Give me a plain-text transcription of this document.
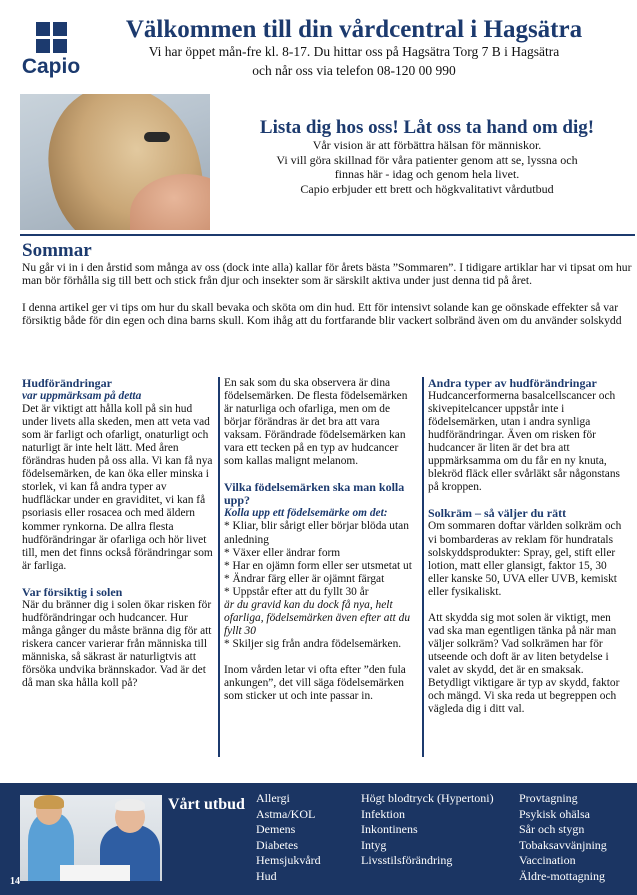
Capio
Välkommen till din vårdcentral i Hagsätra
Vi har öppet mån-fre kl. 8-17. Du hittar oss på Hagsätra Torg 7 B i Hagsätra
och når oss via telefon 08-120 00 990
Lista dig hos oss! Låt oss ta hand om dig!
Vår vision är att förbättra hälsan för människor.
Vi vill göra skillnad för våra patienter genom att se, lyssna och
finnas här - idag och genom hela livet.
Capio erbjuder ett brett och högkvalitativt vårdutbud
Sommar

Nu går vi in i den årstid som många av oss (dock inte alla) kallar för årets bästa ”Sommaren”. I tidigare artiklar har vi tipsat om hur man bör förhålla sig till bett och stick från djur och insekter som är särskilt aktiva under just denna tid på året.

I denna artikel ger vi tips om hur du skall bevaka och sköta om din hud. Ett för intensivt solande kan ge oönskade effekter så var försiktig både för din egen och dina barns skull. Kom ihåg att du fortfarande blir vackert solbränd även om du använder solskydd

Hudförändringar
var uppmärksam på detta
Det är viktigt att hålla koll på sin hud under livets alla skeden, men att veta vad som är farligt och ofarligt, onaturligt och naturligt är inte helt lätt. Med åren förändras huden på oss alla. Vi kan få nya födelsemärken, de kan öka eller minska i storlek, vi kan få andra typer av hudfläckar under en graviditet, vi kan få psoriasis eller rosacea och med äldern kommer rynkorna. De allra flesta hudförändringar är ofarliga och hör livet till, men det finns också förändringar som är farliga.
Var försiktig i solen
När du bränner dig i solen ökar risken för hudförändringar och hudcancer. Hur många gånger du måste bränna dig för att riskera cancer varierar från människa till människa, så säkrast är naturligtvis att försöka undvika brännskador. Vad är det då man ska hålla koll på?
En sak som du ska observera är dina födelsemärken. De flesta födelsemärken är naturliga och ofarliga, men om de börjar förändras är det bra att vara vaksam. Förändrade födelsemärken kan vara ett tecken på en typ av hudcancer som kallas malignt melanom.
Vilka födelsemärken ska man kolla upp?
Kolla upp ett födelsemärke om det:
* Kliar, blir sårigt eller börjar blöda utan anledning
* Växer eller ändrar form
* Har en ojämn form eller ser utsmetat ut
* Ändrar färg eller är ojämnt färgat
* Uppstår efter att du fyllt 30 år
är du gravid kan du dock få nya, helt ofarliga, födelsemärken även efter att du fyllt 30
* Skiljer sig från andra födelsemärken.
Inom vården letar vi ofta efter ”den fula ankungen”, det vill säga födelsemärken som sticker ut och inte passar in.
Andra typer av hudförändringar
Hudcancerformerna basalcellscancer och skivepitelcancer uppstår inte i födelsemärken, utan i andra synliga hudförändringar. Även om risken för hudcancer är liten är det bra att uppmärksamma om du får en ny knuta, blekröd fläck eller svårläkt sår någonstans på kroppen.
Solkräm – så väljer du rätt
Om sommaren doftar världen solkräm och vi bombarderas av reklam för hundratals solskyddsprodukter: Spray, gel, stift eller lotion, matt eller glansigt, faktor 15, 30 eller kanske 50, UVA eller UVB, kemiskt eller fysikaliskt.
Att skydda sig mot solen är viktigt, men vad ska man egentligen tänka på när man väljer solkräm? Vad solkrämen har för utseende och doft är av liten betydelse i valet av skydd, det är en smaksak. Betydligt viktigare är typ av skydd, faktor och mängd. Vi ska reda ut begreppen och vägleda dig i ditt val.
Vårt utbud Allergi
Astma/KOL
Demens
Diabetes
Hemsjukvård
Hud
Högt blodtryck (Hypertoni)
Infektion
Inkontinens
Intyg
Livsstilsförändring
Provtagning
Psykisk ohälsa
Sår och stygn
Tobaksavvänjning
Vaccination
Äldre-mottagning
14
